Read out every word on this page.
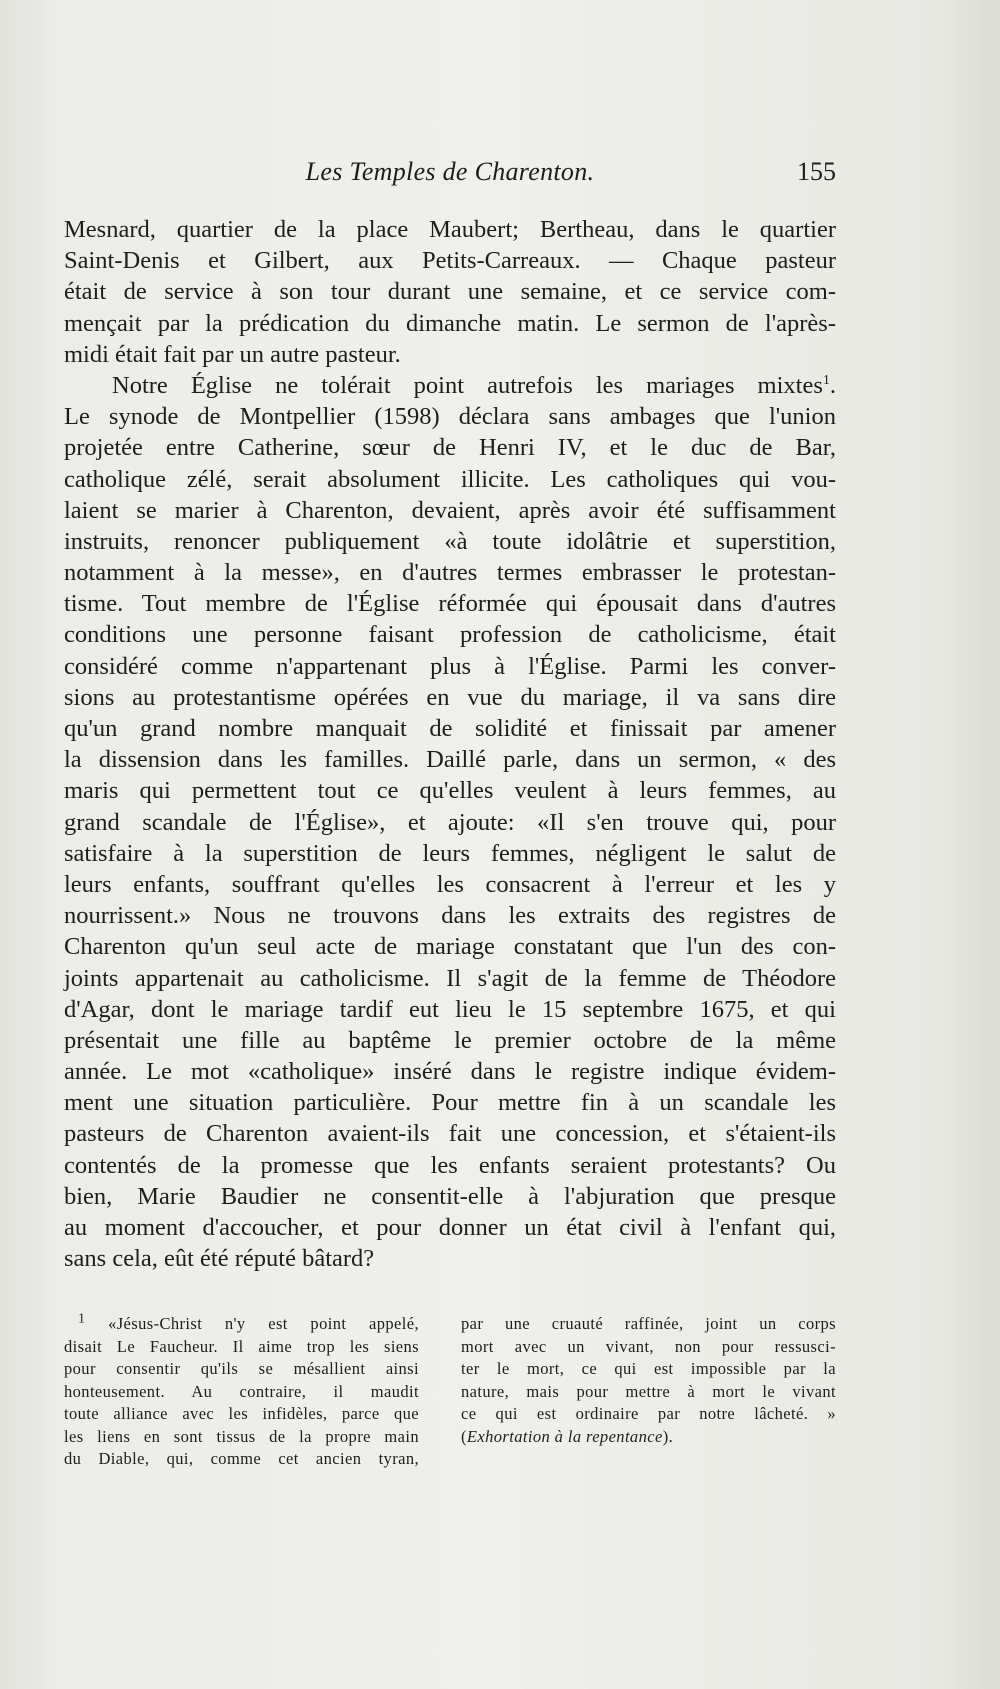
Les Temples de Charenton.	155
Mesnard, quartier de la place Maubert; Bertheau, dans le quartier
Saint-Denis et Gilbert, aux Petits-Carreaux. — Chaque pasteur
était de service à son tour durant une semaine, et ce service com-
mençait par la prédication du dimanche matin. Le sermon de l'après-
midi était fait par un autre pasteur.
Notre Église ne tolérait point autrefois les mariages mixtes$^1$.
Le synode de Montpellier (1598) déclara sans ambages que l'union
projetée entre Catherine, sœur de Henri IV, et le duc de Bar,
catholique zélé, serait absolument illicite. Les catholiques qui vou-
laient se marier à Charenton, devaient, après avoir été suffisamment
instruits, renoncer publiquement «à toute idolâtrie et superstition,
notamment à la messe», en d'autres termes embrasser le protestan-
tisme. Tout membre de l'Église réformée qui épousait dans d'autres
conditions une personne faisant profession de catholicisme, était
considéré comme n'appartenant plus à l'Église. Parmi les conver-
sions au protestantisme opérées en vue du mariage, il va sans dire
qu'un grand nombre manquait de solidité et finissait par amener
la dissension dans les familles. Daillé parle, dans un sermon, « des
maris qui permettent tout ce qu'elles veulent à leurs femmes, au
grand scandale de l'Église», et ajoute: «Il s'en trouve qui, pour
satisfaire à la superstition de leurs femmes, négligent le salut de
leurs enfants, souffrant qu'elles les consacrent à l'erreur et les y
nourrissent.» Nous ne trouvons dans les extraits des registres de
Charenton qu'un seul acte de mariage constatant que l'un des con-
joints appartenait au catholicisme. Il s'agit de la femme de Théodore
d'Agar, dont le mariage tardif eut lieu le 15 septembre 1675, et qui
présentait une fille au baptême le premier octobre de la même
année. Le mot «catholique» inséré dans le registre indique évidem-
ment une situation particulière. Pour mettre fin à un scandale les
pasteurs de Charenton avaient-ils fait une concession, et s'étaient-ils
contentés de la promesse que les enfants seraient protestants? Ou
bien, Marie Baudier ne consentit-elle à l'abjuration que presque
au moment d'accoucher, et pour donner un état civil à l'enfant qui,
sans cela, eût été réputé bâtard?
$^1$ «Jésus-Christ n'y est point appelé,
disait Le Faucheur. Il aime trop les siens
pour consentir qu'ils se mésallient ainsi
honteusement. Au contraire, il maudit
toute alliance avec les infidèles, parce que
les liens en sont tissus de la propre main
du Diable, qui, comme cet ancien tyran,
par une cruauté raffinée, joint un corps
mort avec un vivant, non pour ressusci-
ter le mort, ce qui est impossible par la
nature, mais pour mettre à mort le vivant
ce qui est ordinaire par notre lâcheté. »
(Exhortation à la repentance).
